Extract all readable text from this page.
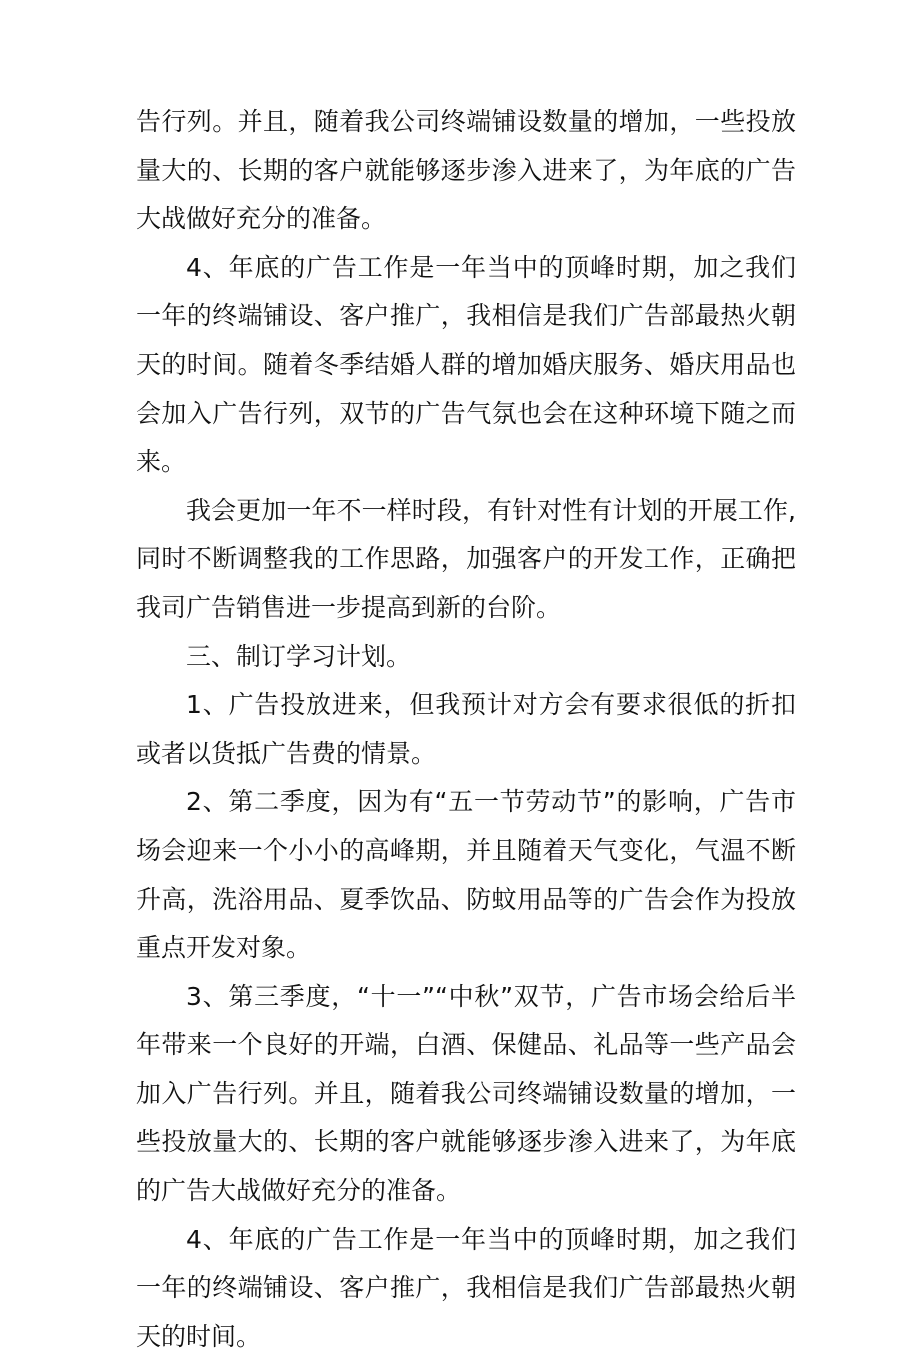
告行列。并且，随着我公司终端铺设数量的增加，一些投放量大的、长期的客户就能够逐步渗入进来了，为年底的广告大战做好充分的准备。

4、年底的广告工作是一年当中的顶峰时期，加之我们一年的终端铺设、客户推广，我相信是我们广告部最热火朝天的时间。随着冬季结婚人群的增加婚庆服务、婚庆用品也会加入广告行列，双节的广告气氛也会在这种环境下随之而来。

我会更加一年不一样时段，有针对性有计划的开展工作,同时不断调整我的工作思路，加强客户的开发工作，正确把我司广告销售进一步提高到新的台阶。

三、制订学习计划。

1、广告投放进来，但我预计对方会有要求很低的折扣或者以货抵广告费的情景。

2、第二季度，因为有“五一节劳动节”的影响，广告市场会迎来一个小小的高峰期，并且随着天气变化，气温不断升高，洗浴用品、夏季饮品、防蚊用品等的广告会作为投放重点开发对象。

3、第三季度，“十一”“中秋”双节，广告市场会给后半年带来一个良好的开端，白酒、保健品、礼品等一些产品会加入广告行列。并且，随着我公司终端铺设数量的增加，一些投放量大的、长期的客户就能够逐步渗入进来了，为年底的广告大战做好充分的准备。

4、年底的广告工作是一年当中的顶峰时期，加之我们一年的终端铺设、客户推广，我相信是我们广告部最热火朝天的时间。
